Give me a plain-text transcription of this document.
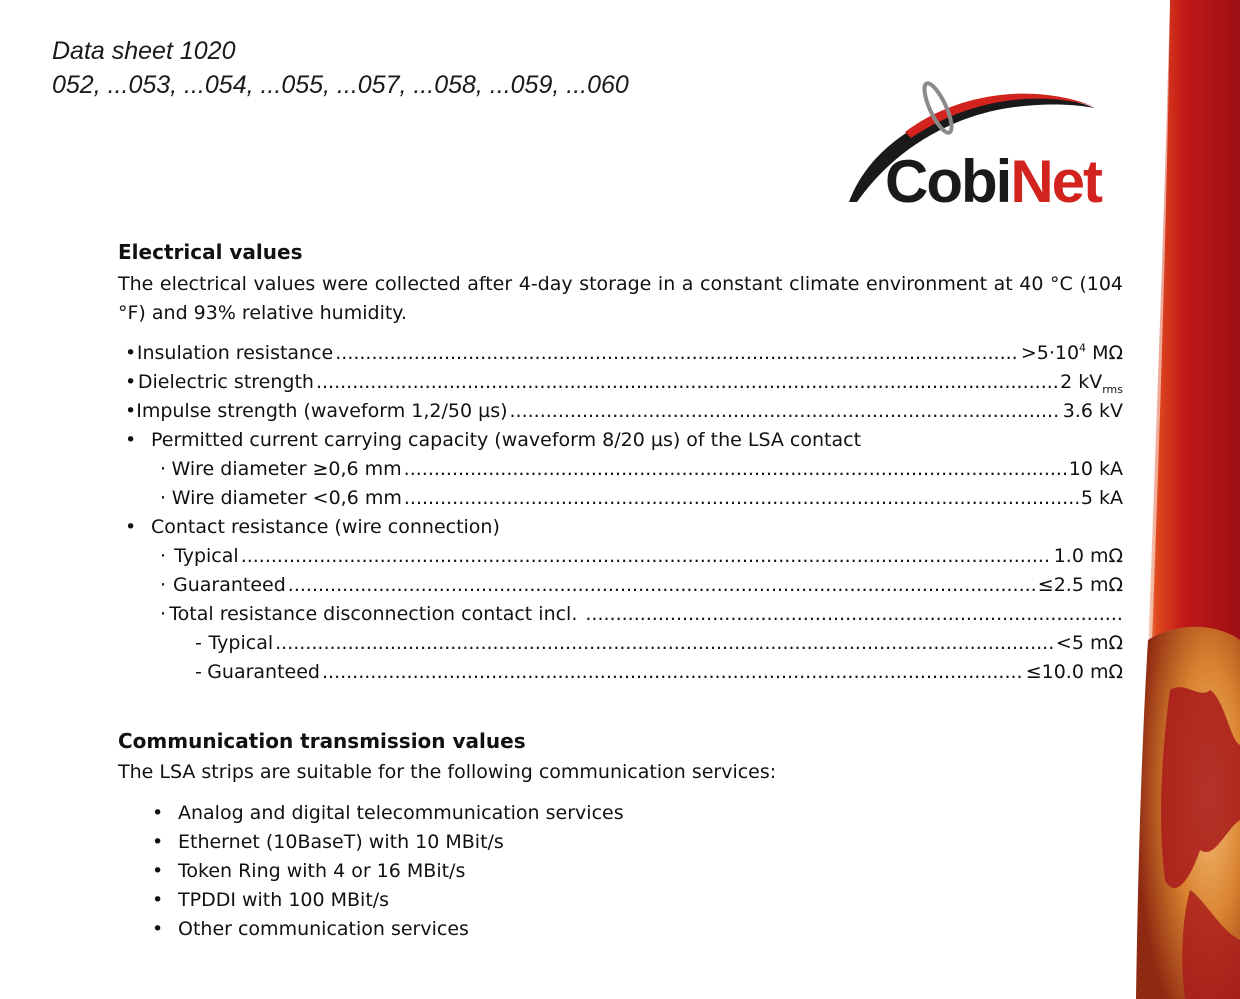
Data sheet 1020
052, ...053, ...054, ...055, ...057, ...058, ...059, ...060
CobiNet
Electrical values

The electrical values were collected after 4-day storage in a constant climate environment at 40 °C (104 °F) and 93% relative humidity.

• Insulation resistance .....	$>5\cdot 10^4$ MΩ
• Dielectric strength .....	2 $kV_{rms}$
• Impulse strength (waveform 1,2/50 µs) .....	3.6 kV
• Permitted current carrying capacity (waveform 8/20 µs) of the LSA contact
· Wire diameter ≥0,6 mm .....	10 kA
· Wire diameter <0,6 mm .....	5 kA
• Contact resistance (wire connection)
· Typical .....	1.0 mΩ
· Guaranteed .....	≤2.5 mΩ
· Total resistance disconnection contact incl.
.....
- Typical .....	<5 mΩ
- Guaranteed .....	≤10.0 mΩ
Communication transmission values

The LSA strips are suitable for the following communication services:

• Analog and digital telecommunication services
• Ethernet (10BaseT) with 10 MBit/s
• Token Ring with 4 or 16 MBit/s
• TPDDI with 100 MBit/s
• Other communication services
